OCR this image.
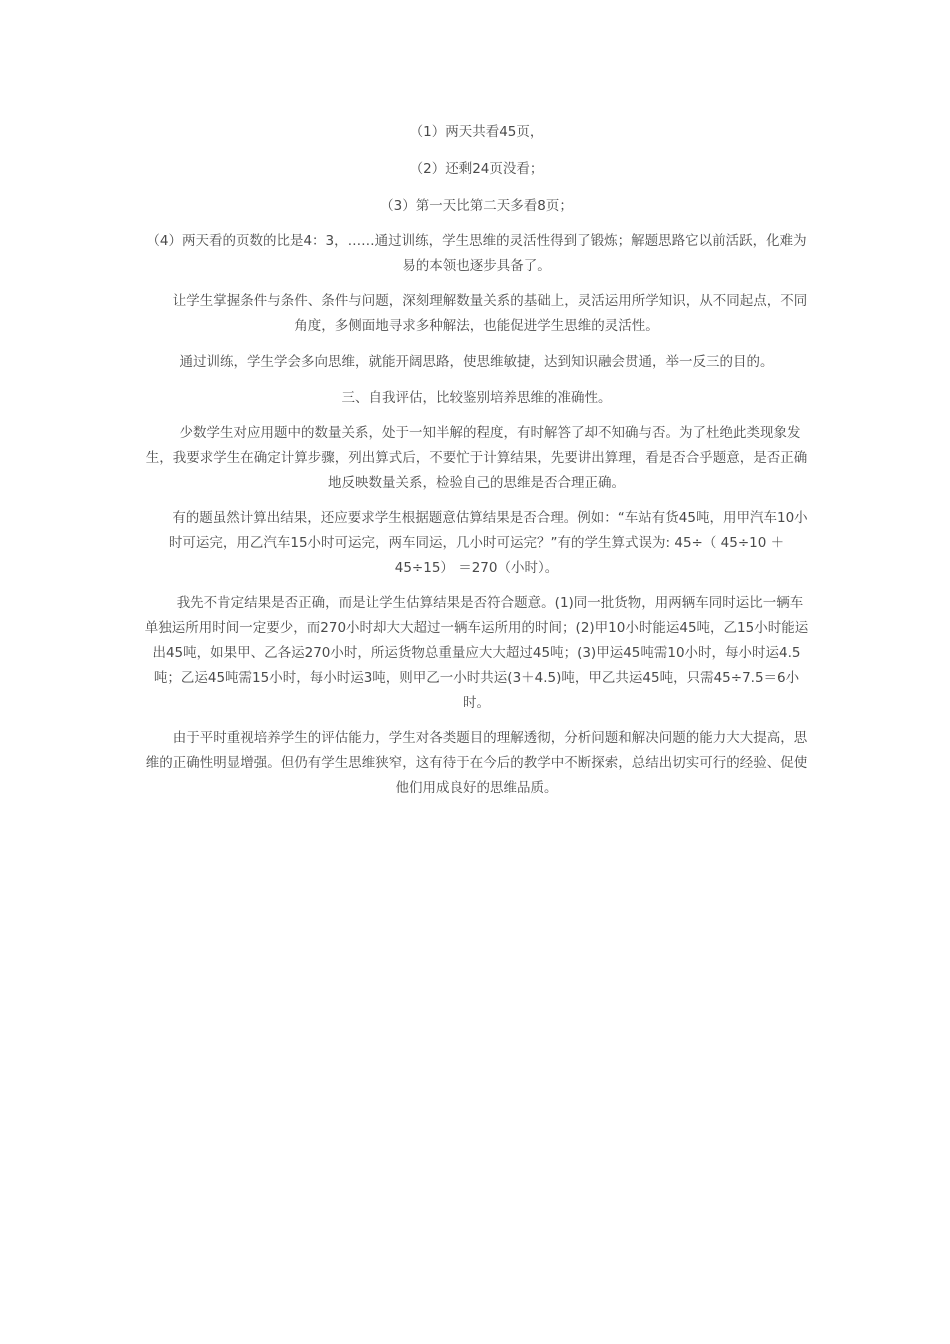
（1）两天共看45页，

（2）还剩24页没看；

（3）第一天比第二天多看8页；

（4）两天看的页数的比是4：3，……通过训练，学生思维的灵活性得到了锻炼；解题思路它以前活跃，化难为易的本领也逐步具备了。

让学生掌握条件与条件、条件与问题，深刻理解数量关系的基础上，灵活运用所学知识，从不同起点，不同角度，多侧面地寻求多种解法，也能促进学生思维的灵活性。

通过训练，学生学会多向思维，就能开阔思路，使思维敏捷，达到知识融会贯通，举一反三的目的。

三、自我评估，比较鉴别培养思维的准确性。

少数学生对应用题中的数量关系，处于一知半解的程度，有时解答了却不知确与否。为了杜绝此类现象发生，我要求学生在确定计算步骤，列出算式后，不要忙于计算结果，先要讲出算理，看是否合乎题意，是否正确地反映数量关系，检验自己的思维是否合理正确。

有的题虽然计算出结果，还应要求学生根据题意估算结果是否合理。例如：“车站有货45吨，用甲汽车10小时可运完，用乙汽车15小时可运完，两车同运，几小时可运完？”有的学生算式误为: 45÷（ 45÷10 ＋45÷15） ＝270（小时）。

我先不肯定结果是否正确，而是让学生估算结果是否符合题意。(1)同一批货物，用两辆车同时运比一辆车单独运所用时间一定要少，而270小时却大大超过一辆车运所用的时间；(2)甲10小时能运45吨，乙15小时能运出45吨，如果甲、乙各运270小时，所运货物总重量应大大超过45吨；(3)甲运45吨需10小时，每小时运4.5吨；乙运45吨需15小时，每小时运3吨，则甲乙一小时共运(3＋4.5)吨，甲乙共运45吨，只需45÷7.5＝6小时。

由于平时重视培养学生的评估能力，学生对各类题目的理解透彻，分析问题和解决问题的能力大大提高，思维的正确性明显增强。但仍有学生思维狭窄，这有待于在今后的教学中不断探索，总结出切实可行的经验、促使他们用成良好的思维品质。
